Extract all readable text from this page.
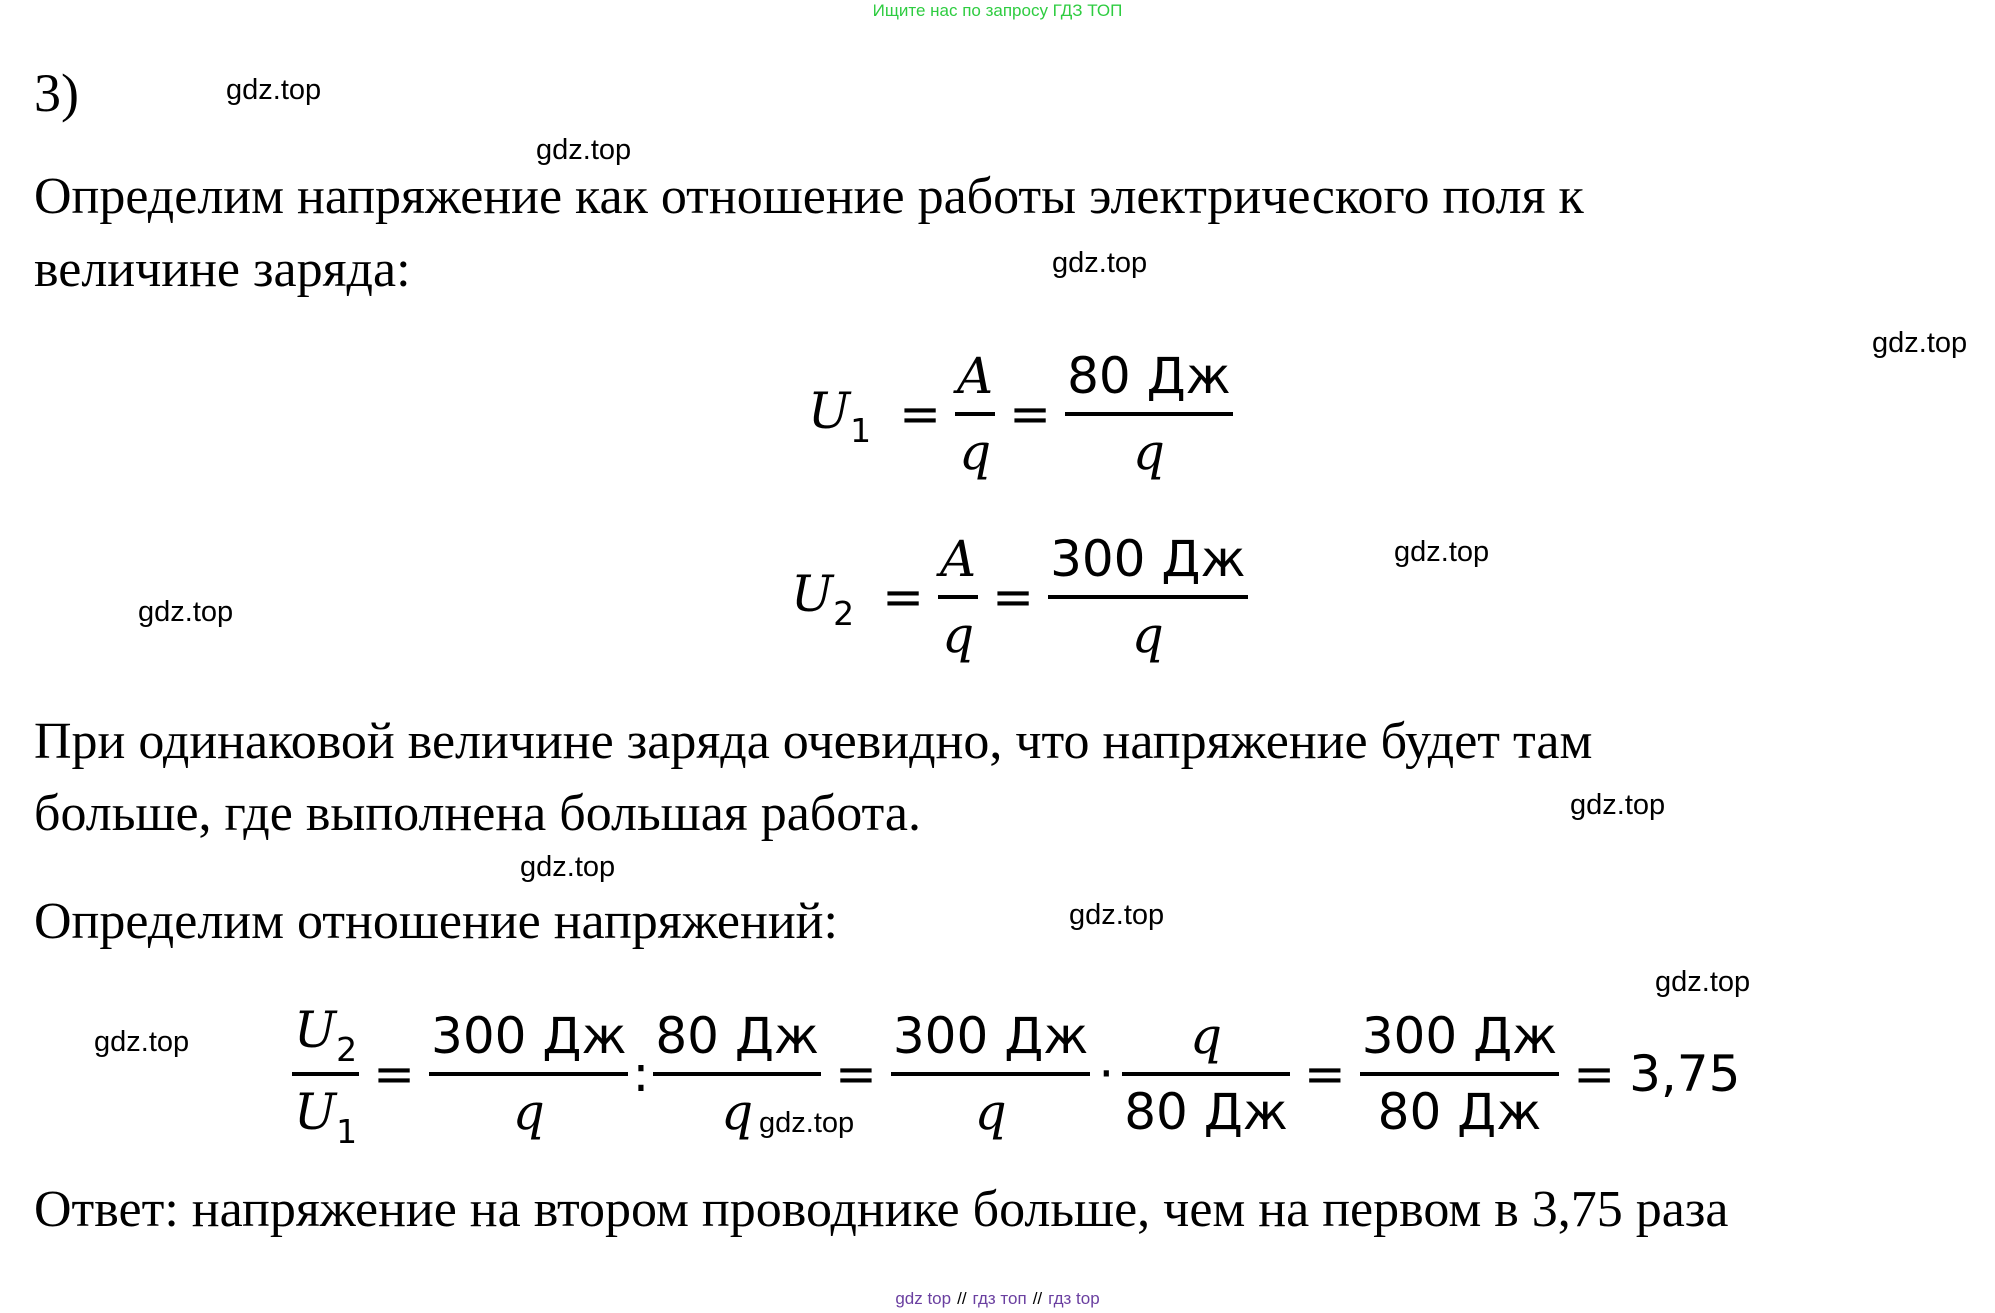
Ищите нас по запросу ГДЗ ТОП
3)	gdz.top
gdz.top
gdz.top
gdz.top
gdz.top
gdz.top
gdz.top
gdz.top
gdz.top
gdz.top
gdz.top
gdz.top
Определим напряжение как отношение работы электрического поля к
величине заряда:
При одинаковой величине заряда очевидно, что напряжение будет там
больше, где выполнена большая работа.
Определим отношение напряжений:
Ответ: напряжение на втором проводнике больше, чем на первом в 3,75 раза
$U_1 = \frac{A}{q} = \frac{80 Дж}{q}$
$U_2 = \frac{A}{q} = \frac{300 Дж}{q}$
$\frac{U_2}{U_1} = \frac{300 Дж}{q}$ : $\frac{80 Дж}{q} = \frac{300 Дж}{q} \cdot \frac{q}{80 Дж} = \frac{300 Дж}{80 Дж} = 3,75$
gdz top // гдз топ // гдз top
